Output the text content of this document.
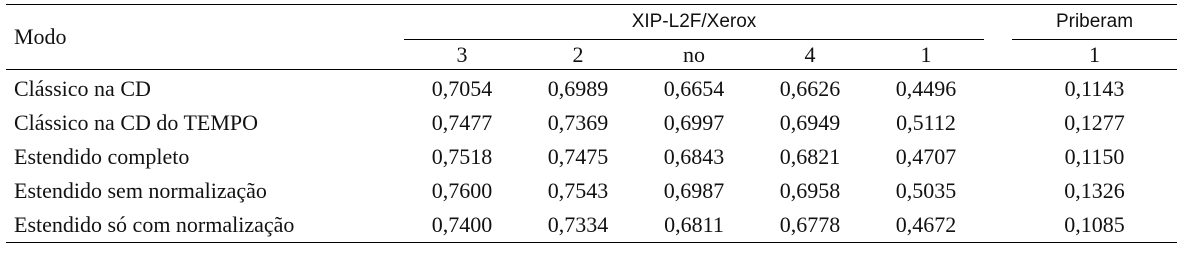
Modo	XIP-L2F/Xerox						Priberam
	3	2	no	4	1		1
Clássico na CD	0,7054	0,6989	0,6654	0,6626	0,4496		0,1143
Clássico na CD do TEMPO	0,7477	0,7369	0,6997	0,6949	0,5112		0,1277
Estendido completo	0,7518	0,7475	0,6843	0,6821	0,4707		0,1150
Estendido sem normalização	0,7600	0,7543	0,6987	0,6958	0,5035		0,1326
Estendido só com normalização	0,7400	0,7334	0,6811	0,6778	0,4672		0,1085
